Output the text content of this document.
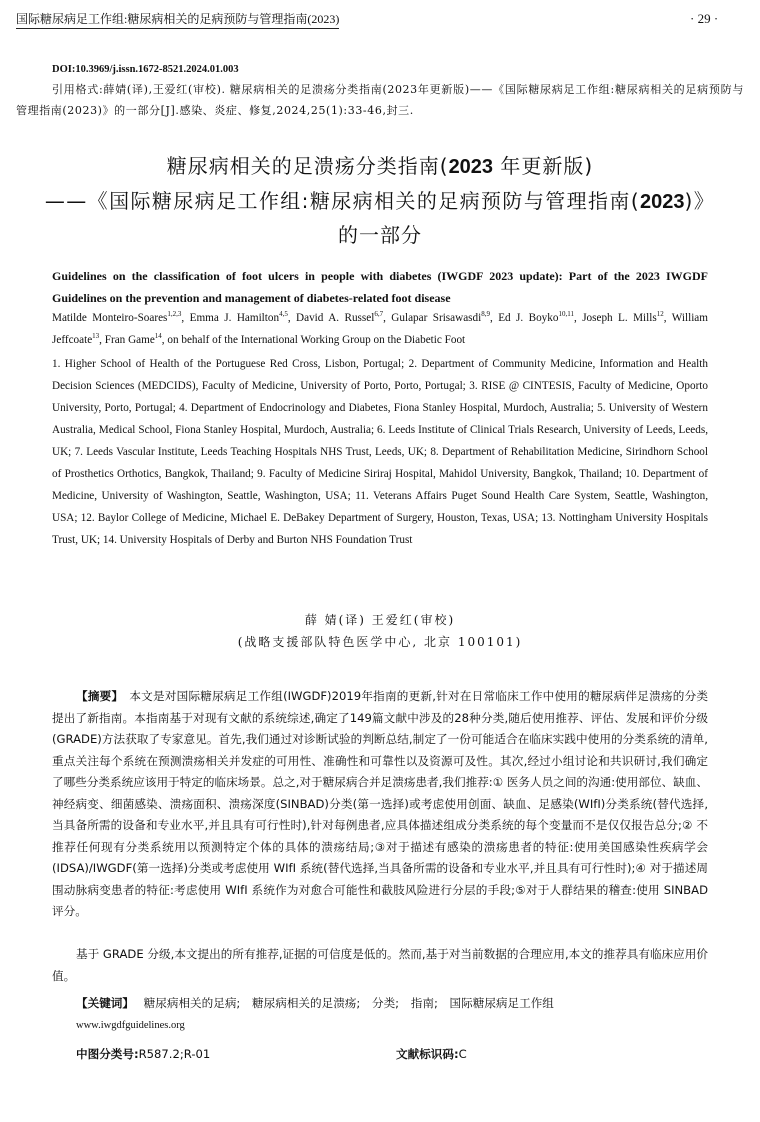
国际糖尿病足工作组:糖尿病相关的足病预防与管理指南(2023)	· 29 ·
DOI:10.3969/j.issn.1672-8521.2024.01.003
引用格式:薛婧(译),王爱红(审校). 糖尿病相关的足溃疡分类指南(2023年更新版)——《国际糖尿病足工作组:糖尿病相关的足病预防与管理指南(2023)》的一部分[J].感染、炎症、修复,2024,25(1):33-46,封三.
糖尿病相关的足溃疡分类指南(2023 年更新版)
——《国际糖尿病足工作组:糖尿病相关的足病预防与管理指南(2023)》
的一部分
Guidelines on the classification of foot ulcers in people with diabetes (IWGDF 2023 update): Part of the 2023 IWGDF Guidelines on the prevention and management of diabetes-related foot disease
Matilde Monteiro-Soares$^{1,2,3}$, Emma J. Hamilton$^{4,5}$, David A. Russel$^{6,7}$, Gulapar Srisawasdi$^{8,9}$, Ed J. Boyko$^{10,11}$, Joseph L. Mills$^{12}$, William Jeffcoate$^{13}$, Fran Game$^{14}$, on behalf of the International Working Group on the Diabetic Foot
1. Higher School of Health of the Portuguese Red Cross, Lisbon, Portugal; 2. Department of Community Medicine, Information and Health Decision Sciences (MEDCIDS), Faculty of Medicine, University of Porto, Porto, Portugal; 3. RISE @ CINTESIS, Faculty of Medicine, Oporto University, Porto, Portugal; 4. Department of Endocrinology and Diabetes, Fiona Stanley Hospital, Murdoch, Australia; 5. University of Western Australia, Medical School, Fiona Stanley Hospital, Murdoch, Australia; 6. Leeds Institute of Clinical Trials Research, University of Leeds, Leeds, UK; 7. Leeds Vascular Institute, Leeds Teaching Hospitals NHS Trust, Leeds, UK; 8. Department of Rehabilitation Medicine, Sirindhorn School of Prosthetics Orthotics, Bangkok, Thailand; 9. Faculty of Medicine Siriraj Hospital, Mahidol University, Bangkok, Thailand; 10. Department of Medicine, University of Washington, Seattle, Washington, USA; 11. Veterans Affairs Puget Sound Health Care System, Seattle, Washington, USA; 12. Baylor College of Medicine, Michael E. DeBakey Department of Surgery, Houston, Texas, USA; 13. Nottingham University Hospitals Trust, UK; 14. University Hospitals of Derby and Burton NHS Foundation Trust
薛 婧(译) 王爱红(审校)
(战略支援部队特色医学中心, 北京 100101)
【摘要】 本文是对国际糖尿病足工作组(IWGDF)2019年指南的更新,针对在日常临床工作中使用的糖尿病伴足溃疡的分类提出了新指南。本指南基于对现有文献的系统综述,确定了149篇文献中涉及的28种分类,随后使用推荐、评估、发展和评价分级(GRADE)方法获取了专家意见。首先,我们通过对诊断试验的判断总结,制定了一份可能适合在临床实践中使用的分类系统的清单,重点关注每个系统在预测溃疡相关并发症的可用性、准确性和可靠性以及资源可及性。其次,经过小组讨论和共识研讨,我们确定了哪些分类系统应该用于特定的临床场景。总之,对于糖尿病合并足溃疡患者,我们推荐:① 医务人员之间的沟通:使用部位、缺血、神经病变、细菌感染、溃疡面积、溃疡深度(SINBAD)分类(第一选择)或考虑使用创面、缺血、足感染(WIfI)分类系统(替代选择,当具备所需的设备和专业水平,并且具有可行性时),针对每例患者,应具体描述组成分类系统的每个变量而不是仅仅报告总分;② 不推荐任何现有分类系统用以预测特定个体的具体的溃疡结局;③对于描述有感染的溃疡患者的特征:使用美国感染性疾病学会(IDSA)/IWGDF(第一选择)分类或考虑使用 WIfI 系统(替代选择,当具备所需的设备和专业水平,并且具有可行性时);④ 对于描述周围动脉病变患者的特征:考虑使用 WIfI 系统作为对愈合可能性和截肢风险进行分层的手段;⑤对于人群结果的稽查:使用 SINBAD 评分。
基于 GRADE 分级,本文提出的所有推荐,证据的可信度是低的。然而,基于对当前数据的合理应用,本文的推荐具有临床应用价值。
【关键词】 糖尿病相关的足病; 糖尿病相关的足溃疡; 分类; 指南; 国际糖尿病足工作组
www.iwgdfguidelines.org
中图分类号:R587.2;R-01	文献标识码:C
